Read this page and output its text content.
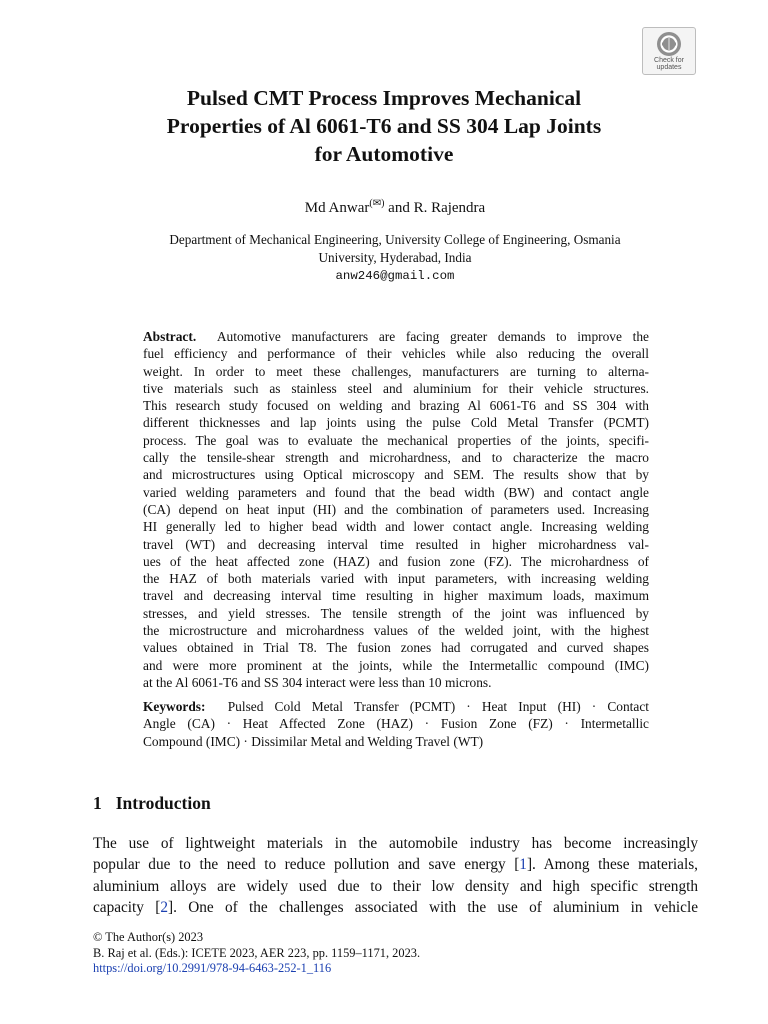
Check for
updates
Pulsed CMT Process Improves Mechanical
Properties of Al 6061-T6 and SS 304 Lap Joints
for Automotive
Md Anwar(✉) and R. Rajendra
Department of Mechanical Engineering, University College of Engineering, Osmania
University, Hyderabad, India
anw246@gmail.com
Abstract. Automotive manufacturers are facing greater demands to improve the
fuel efficiency and performance of their vehicles while also reducing the overall
weight. In order to meet these challenges, manufacturers are turning to alterna-
tive materials such as stainless steel and aluminium for their vehicle structures.
This research study focused on welding and brazing Al 6061-T6 and SS 304 with
different thicknesses and lap joints using the pulse Cold Metal Transfer (PCMT)
process. The goal was to evaluate the mechanical properties of the joints, specifi-
cally the tensile-shear strength and microhardness, and to characterize the macro
and microstructures using Optical microscopy and SEM. The results show that by
varied welding parameters and found that the bead width (BW) and contact angle
(CA) depend on heat input (HI) and the combination of parameters used. Increasing
HI generally led to higher bead width and lower contact angle. Increasing welding
travel (WT) and decreasing interval time resulted in higher microhardness val-
ues of the heat affected zone (HAZ) and fusion zone (FZ). The microhardness of
the HAZ of both materials varied with input parameters, with increasing welding
travel and decreasing interval time resulting in higher maximum loads, maximum
stresses, and yield stresses. The tensile strength of the joint was influenced by
the microstructure and microhardness values of the welded joint, with the highest
values obtained in Trial T8. The fusion zones had corrugated and curved shapes
and were more prominent at the joints, while the Intermetallic compound (IMC)
at the Al 6061-T6 and SS 304 interact were less than 10 microns.
Keywords: Pulsed Cold Metal Transfer (PCMT) · Heat Input (HI) · Contact
Angle (CA) · Heat Affected Zone (HAZ) · Fusion Zone (FZ) · Intermetallic
Compound (IMC) · Dissimilar Metal and Welding Travel (WT)
1 Introduction
The use of lightweight materials in the automobile industry has become increasingly
popular due to the need to reduce pollution and save energy [1]. Among these materials,
aluminium alloys are widely used due to their low density and high specific strength
capacity [2]. One of the challenges associated with the use of aluminium in vehicle
© The Author(s) 2023
B. Raj et al. (Eds.): ICETE 2023, AER 223, pp. 1159–1171, 2023.
https://doi.org/10.2991/978-94-6463-252-1_116
